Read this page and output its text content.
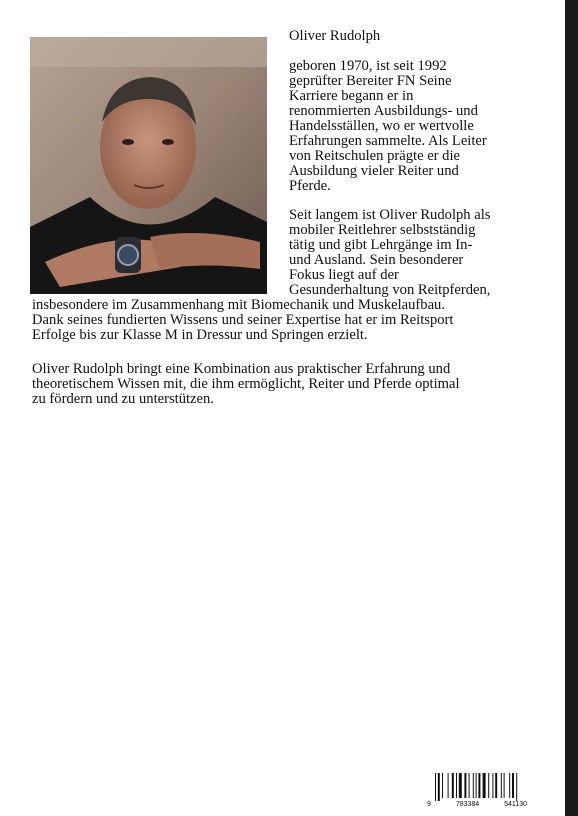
Oliver Rudolph

geboren 1970, ist seit 1992
geprüfter Bereiter FN Seine
Karriere begann er in
renommierten Ausbildungs- und
Handelsställen, wo er wertvolle
Erfahrungen sammelte. Als Leiter
von Reitschulen prägte er die
Ausbildung vieler Reiter und
Pferde.
Seit langem ist Oliver Rudolph als
mobiler Reitlehrer selbstständig
tätig und gibt Lehrgänge im In-
und Ausland. Sein besonderer
Fokus liegt auf der
Gesunderhaltung von Reitpferden,
insbesondere im Zusammenhang mit Biomechanik und Muskelaufbau.
Dank seines fundierten Wissens und seiner Expertise hat er im Reitsport
Erfolge bis zur Klasse M in Dressur und Springen erzielt.
Oliver Rudolph bringt eine Kombination aus praktischer Erfahrung und
theoretischem Wissen mit, die ihm ermöglicht, Reiter und Pferde optimal
zu fördern und zu unterstützen.
9	783384	541130
